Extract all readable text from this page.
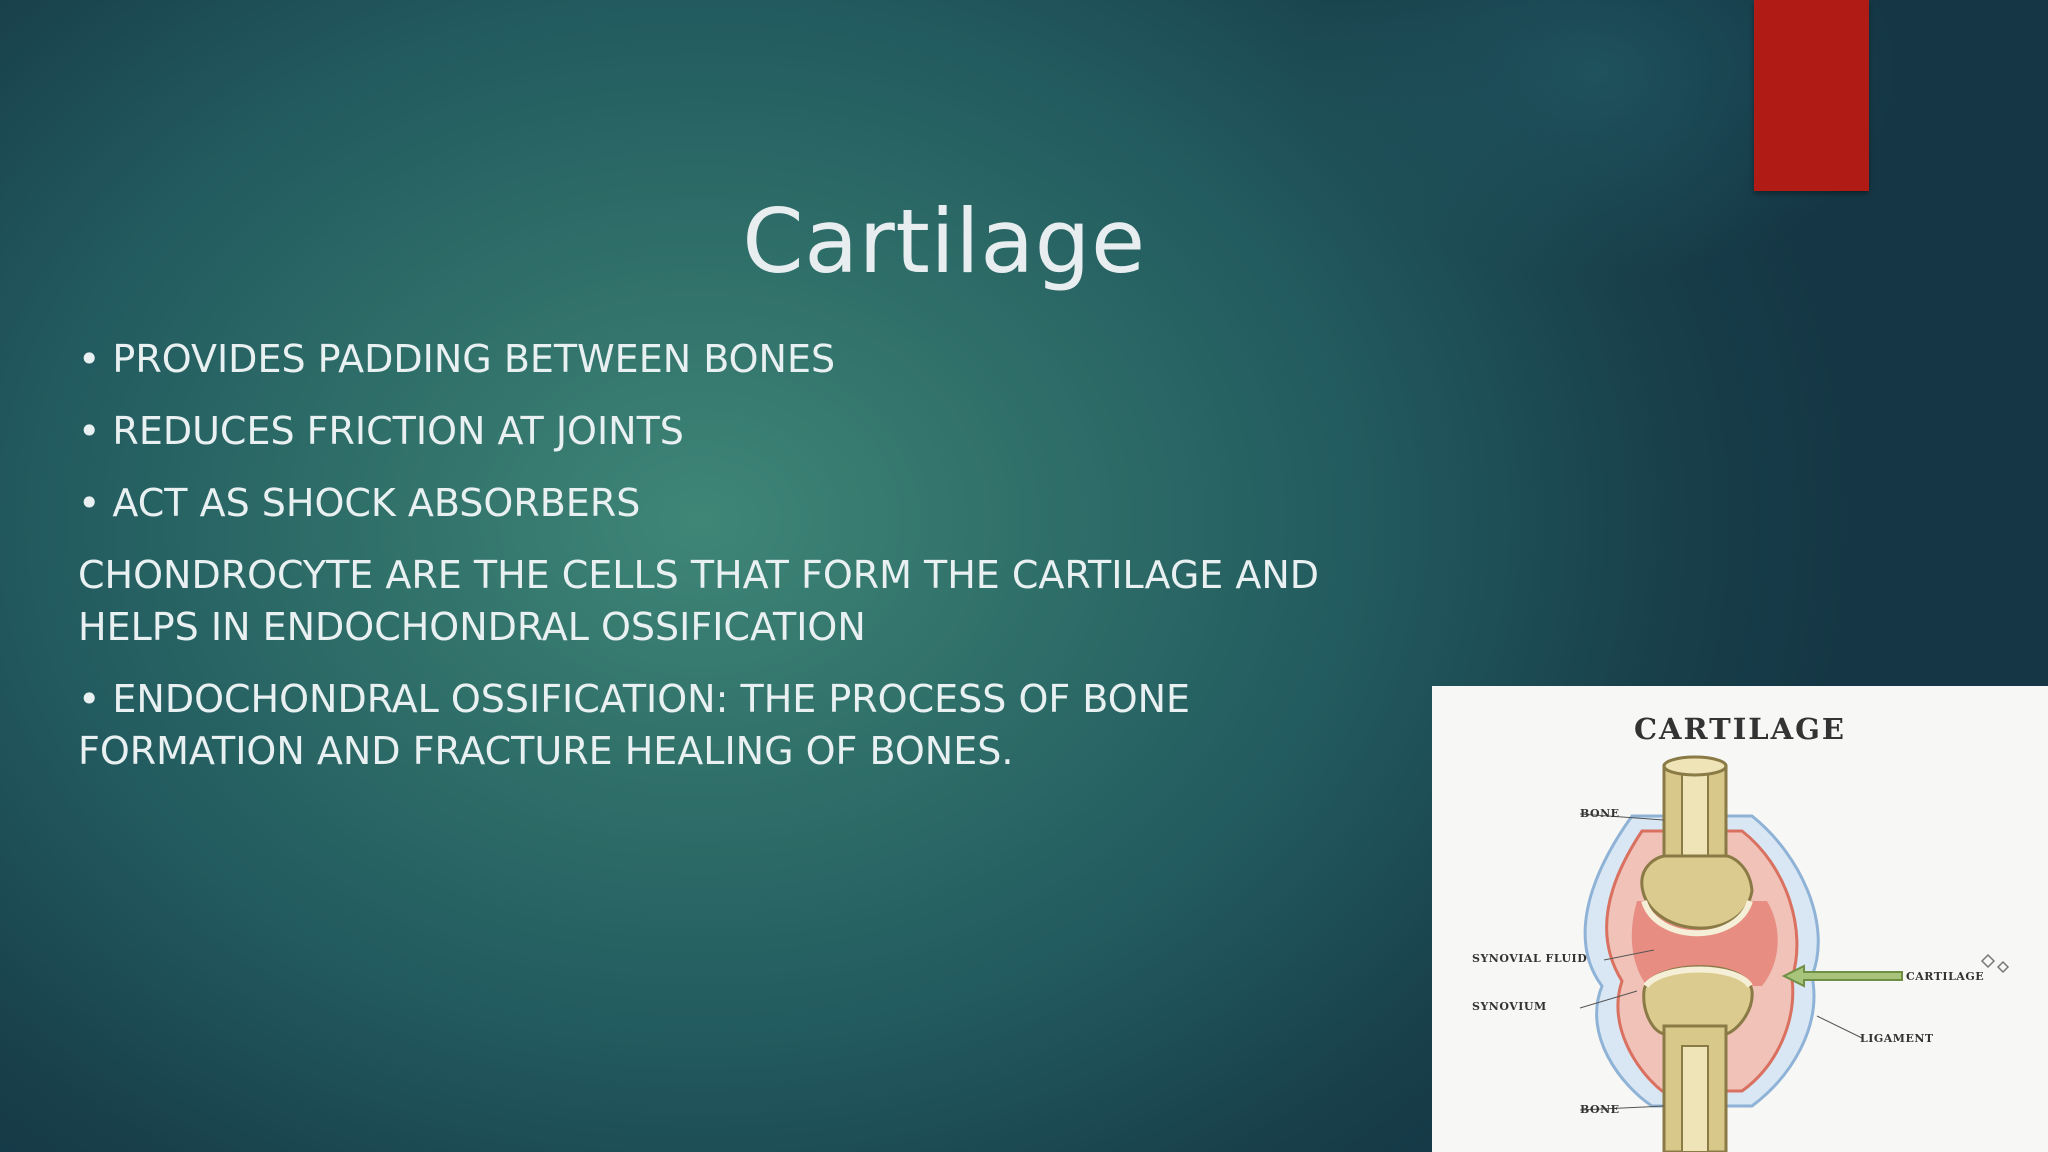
Cartilage
• PROVIDES PADDING BETWEEN BONES
• REDUCES FRICTION AT JOINTS
• ACT AS SHOCK ABSORBERS
CHONDROCYTE ARE THE CELLS THAT FORM THE CARTILAGE AND HELPS IN ENDOCHONDRAL OSSIFICATION
• ENDOCHONDRAL OSSIFICATION: THE PROCESS OF BONE FORMATION AND FRACTURE HEALING OF BONES.	CARTILAGE
BONE
SYNOVIAL FLUID
SYNOVIUM
BONE
CARTILAGE
LIGAMENT
